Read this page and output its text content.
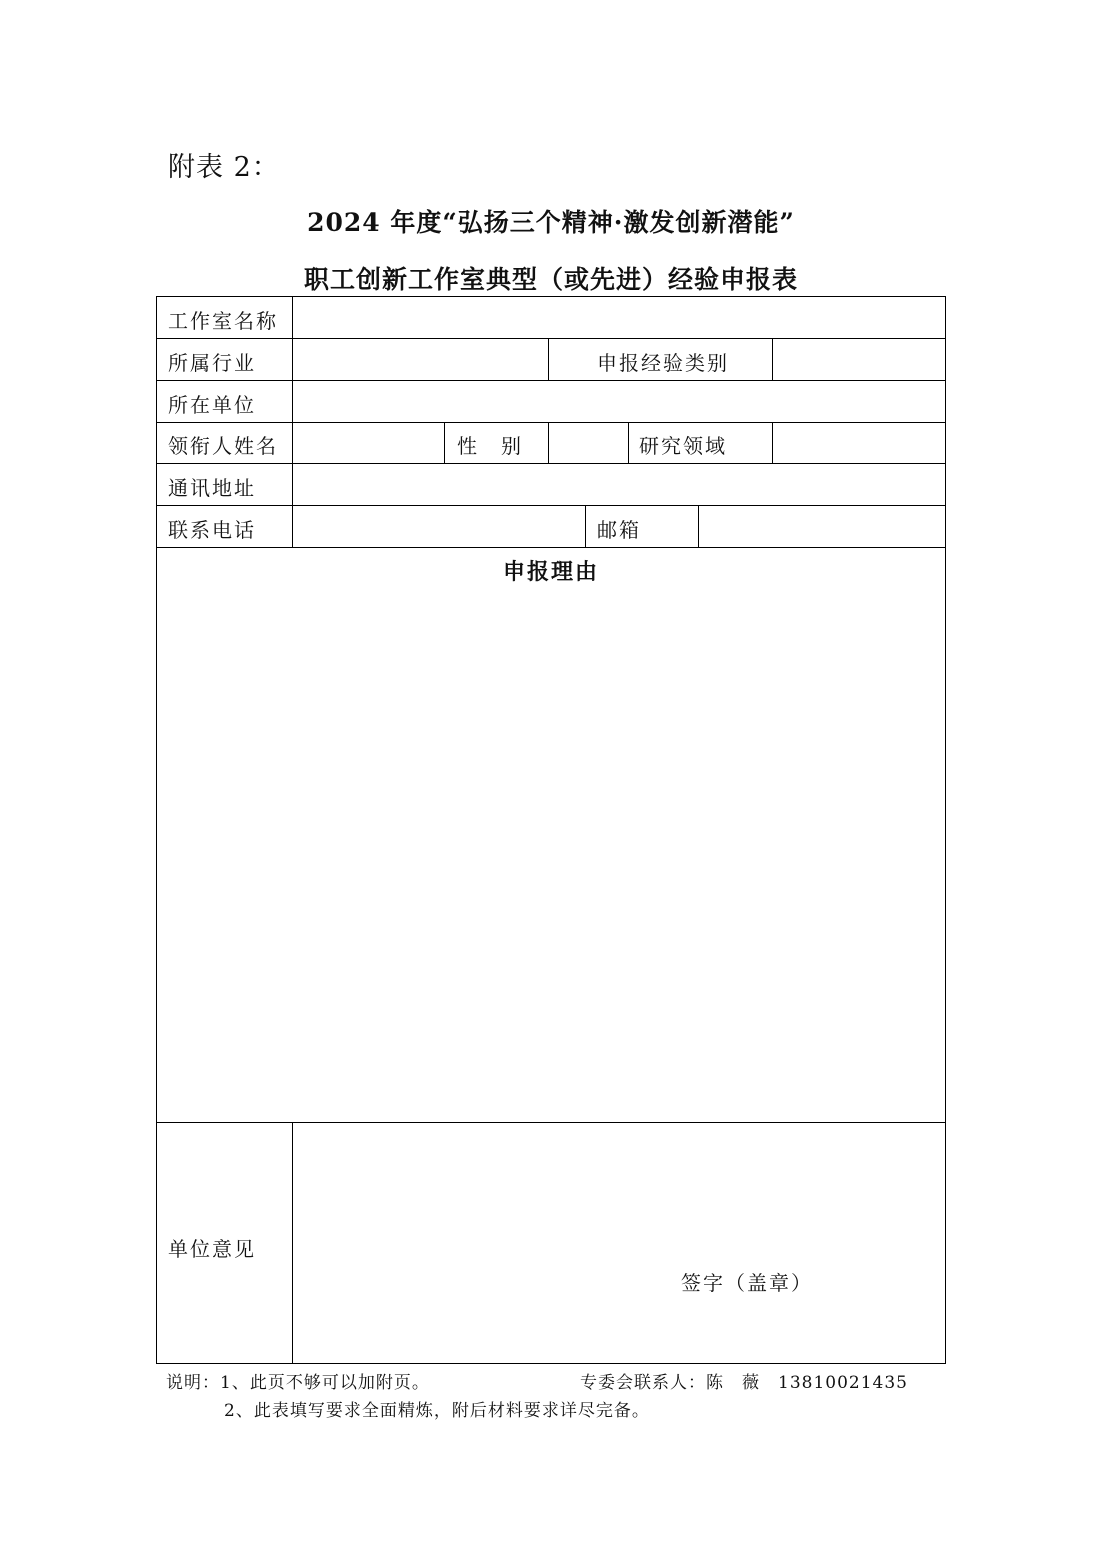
附表 2：
2024 年度“弘扬三个精神·激发创新潜能”
职工创新工作室典型（或先进）经验申报表
工作室名称
所属行业	申报经验类别
所在单位
领衔人姓名	性　别	研究领域
通讯地址
联系电话	邮箱
申报理由
单位意见
签字（盖章）
说明：1、此页不够可以加附页。	专委会联系人：陈　薇　13810021435
2、此表填写要求全面精炼，附后材料要求详尽完备。
